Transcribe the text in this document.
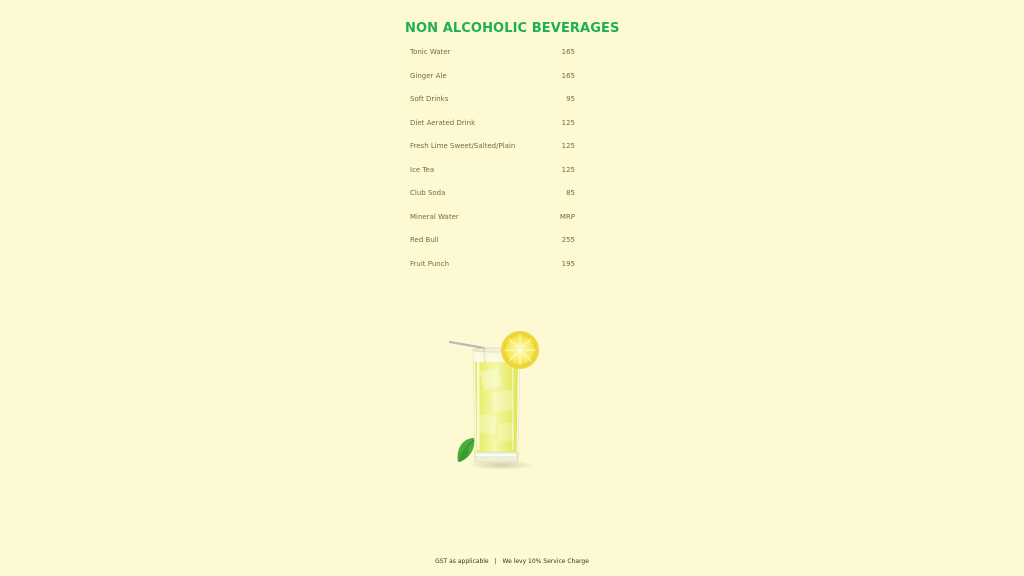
NON ALCOHOLIC BEVERAGES
Tonic Water	165
Ginger Ale	165
Soft Drinks	95
Diet Aerated Drink	125
Fresh Lime Sweet/Salted/Plain	125
Ice Tea	125
Club Soda	85
Mineral Water	MRP
Red Bull	255
Fruit Punch	195
GST as applicable | We levy 10% Service Charge
